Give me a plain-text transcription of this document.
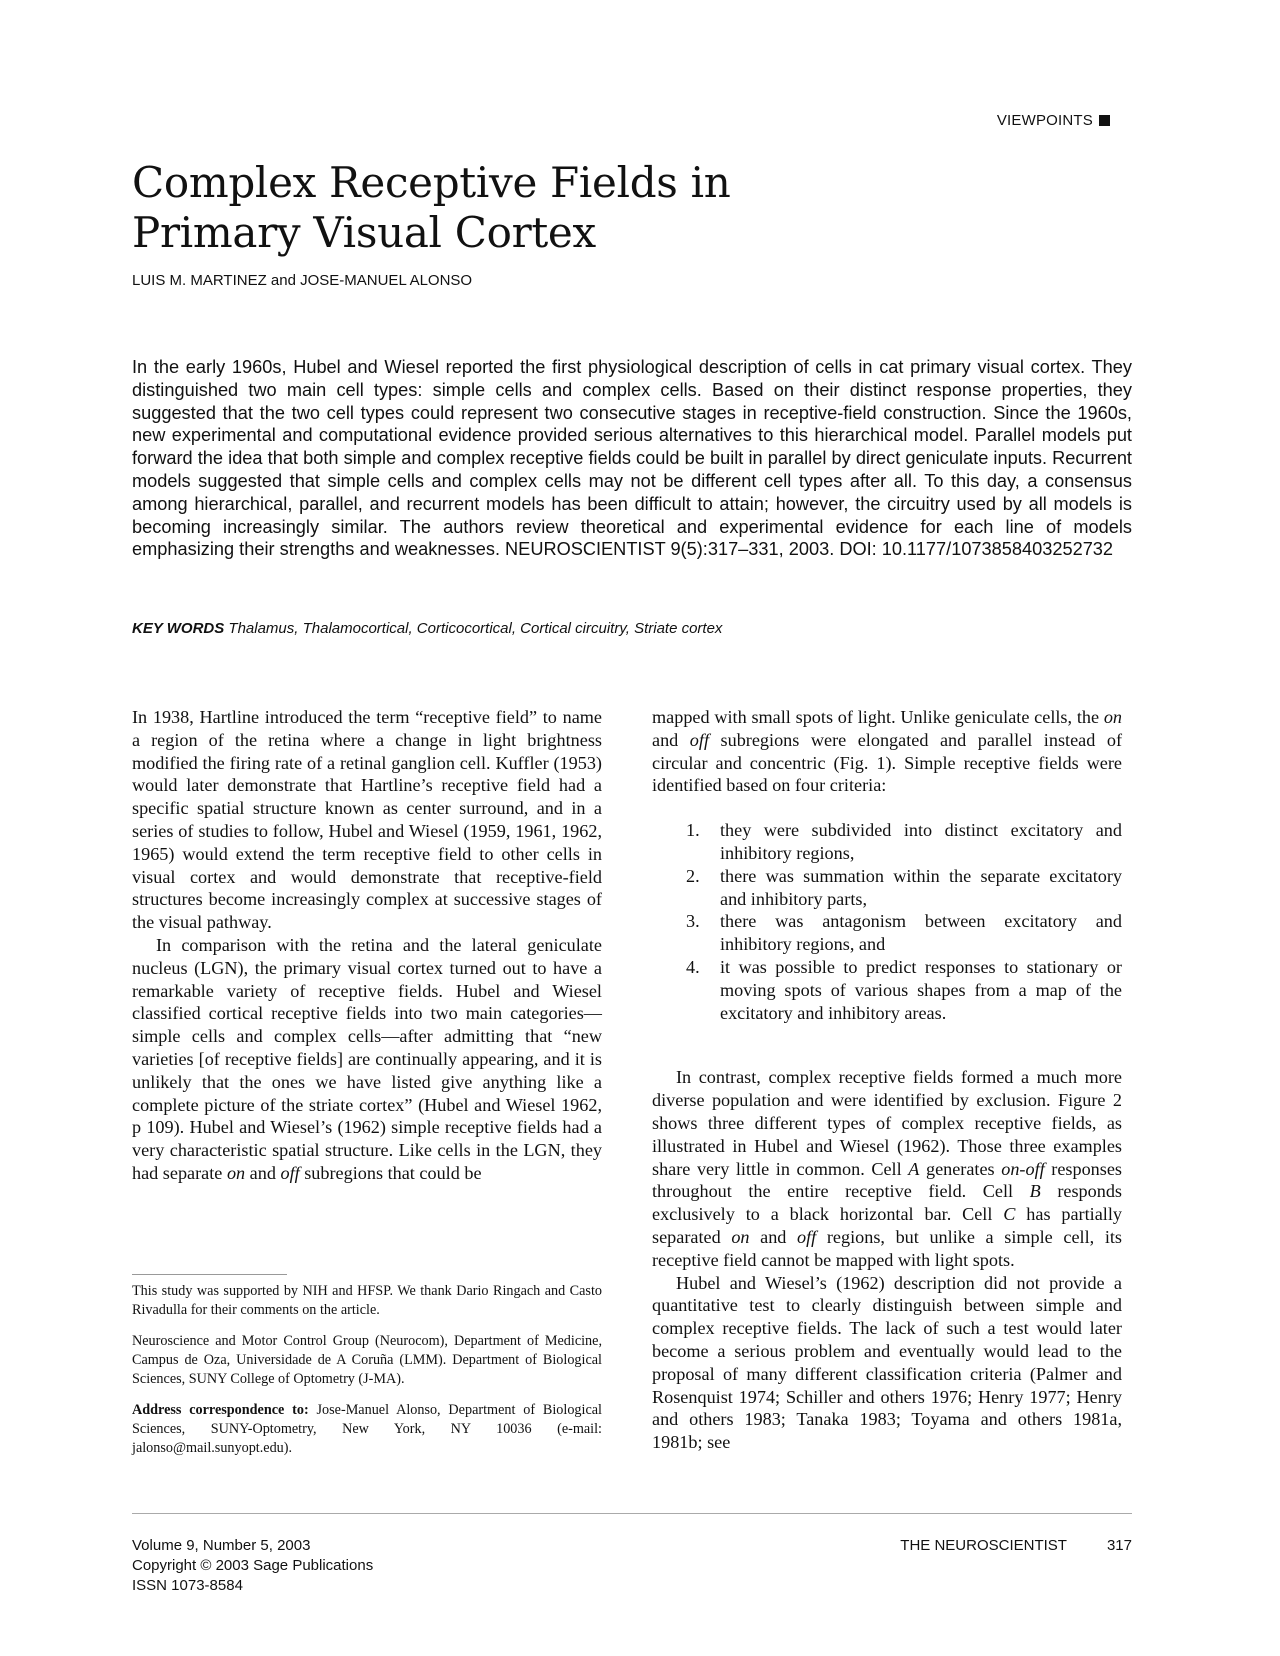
VIEWPOINTS
Complex Receptive Fields in
Primary Visual Cortex
LUIS M. MARTINEZ and JOSE-MANUEL ALONSO

In the early 1960s, Hubel and Wiesel reported the first physiological description of cells in cat primary visual cortex. They distinguished two main cell types: simple cells and complex cells. Based on their distinct response properties, they suggested that the two cell types could represent two consecutive stages in receptive-field construction. Since the 1960s, new experimental and computational evidence provided serious alternatives to this hierarchical model. Parallel models put forward the idea that both simple and complex receptive fields could be built in parallel by direct geniculate inputs. Recurrent models suggested that simple cells and complex cells may not be different cell types after all. To this day, a consensus among hierarchical, parallel, and recurrent models has been difficult to attain; however, the circuitry used by all models is becoming increasingly similar. The authors review theoretical and experimental evidence for each line of models emphasizing their strengths and weaknesses. NEUROSCIENTIST 9(5):317–331, 2003. DOI: 10.1177/1073858403252732

KEY WORDS Thalamus, Thalamocortical, Corticocortical, Cortical circuitry, Striate cortex

In 1938, Hartline introduced the term “receptive field” to name a region of the retina where a change in light brightness modified the firing rate of a retinal ganglion cell. Kuffler (1953) would later demonstrate that Hartline’s receptive field had a specific spatial structure known as center surround, and in a series of studies to follow, Hubel and Wiesel (1959, 1961, 1962, 1965) would extend the term receptive field to other cells in visual cortex and would demonstrate that receptive-field structures become increasingly complex at successive stages of the visual pathway.

In comparison with the retina and the lateral geniculate nucleus (LGN), the primary visual cortex turned out to have a remarkable variety of receptive fields. Hubel and Wiesel classified cortical receptive fields into two main categories—simple cells and complex cells—after admitting that “new varieties [of receptive fields] are continually appearing, and it is unlikely that the ones we have listed give anything like a complete picture of the striate cortex” (Hubel and Wiesel 1962, p 109). Hubel and Wiesel’s (1962) simple receptive fields had a very characteristic spatial structure. Like cells in the LGN, they had separate on and off subregions that could be

mapped with small spots of light. Unlike geniculate cells, the on and off subregions were elongated and parallel instead of circular and concentric (Fig. 1). Simple receptive fields were identified based on four criteria:

1. they were subdivided into distinct excitatory and inhibitory regions,
2. there was summation within the separate excitatory and inhibitory parts,
3. there was antagonism between excitatory and inhibitory regions, and
4. it was possible to predict responses to stationary or moving spots of various shapes from a map of the excitatory and inhibitory areas.

In contrast, complex receptive fields formed a much more diverse population and were identified by exclusion. Figure 2 shows three different types of complex receptive fields, as illustrated in Hubel and Wiesel (1962). Those three examples share very little in common. Cell A generates on-off responses throughout the entire receptive field. Cell B responds exclusively to a black horizontal bar. Cell C has partially separated on and off regions, but unlike a simple cell, its receptive field cannot be mapped with light spots.

Hubel and Wiesel’s (1962) description did not provide a quantitative test to clearly distinguish between simple and complex receptive fields. The lack of such a test would later become a serious problem and eventually would lead to the proposal of many different classification criteria (Palmer and Rosenquist 1974; Schiller and others 1976; Henry 1977; Henry and others 1983; Tanaka 1983; Toyama and others 1981a, 1981b; see

This study was supported by NIH and HFSP. We thank Dario Ringach and Casto Rivadulla for their comments on the article.

Neuroscience and Motor Control Group (Neurocom), Department of Medicine, Campus de Oza, Universidade de A Coruña (LMM). Department of Biological Sciences, SUNY College of Optometry (J-MA).

Address correspondence to: Jose-Manuel Alonso, Department of Biological Sciences, SUNY-Optometry, New York, NY 10036 (e-mail: jalonso@mail.sunyopt.edu).

Volume 9, Number 5, 2003
Copyright © 2003 Sage Publications
ISSN 1073-8584
THE NEUROSCIENTIST	317
